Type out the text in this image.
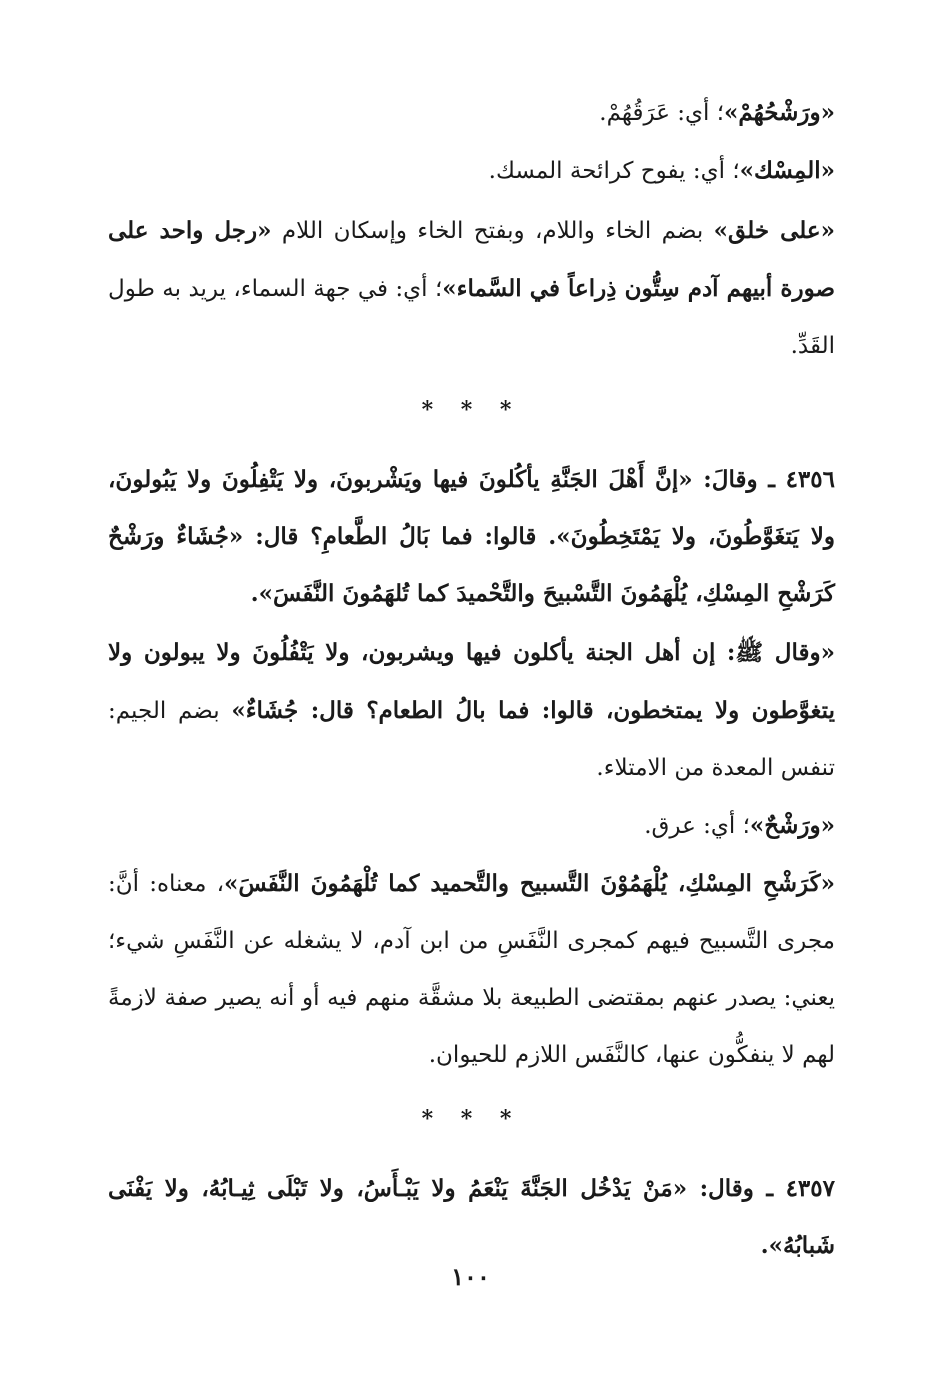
«ورَشْحُهُمْ»؛ أي: عَرَقُهُمْ.

«المِسْك»؛ أي: يفوح كرائحة المسك.

«على خلق» بضم الخاء واللام، وبفتح الخاء وإسكان اللام «رجل واحد على صورة أبيهم آدم سِتُّون ذِراعاً في السَّماء»؛ أي: في جهة السماء، يريد به طول القَدِّ.

* * *

٤٣٥٦ ـ وقالَ: «إنَّ أَهْلَ الجَنَّةِ يأكُلونَ فيها ويَشْربونَ، ولا يَتْفِلُونَ ولا يَبُولونَ، ولا يَتغَوَّطُونَ، ولا يَمْتَخِطُونَ». قالوا: فما بَالُ الطَّعامِ؟ قال: «جُشَاءٌ ورَشْحٌ كَرَشْحِ المِسْكِ، يُلْهَمُونَ التَّسْبيحَ والتَّحْميدَ كما تُلهَمُونَ النَّفَسَ».

«وقال ﷺ: إن أهل الجنة يأكلون فيها ويشربون، ولا يَتْفُلُونَ ولا يبولون ولا يتغوَّطون ولا يمتخطون، قالوا: فما بالُ الطعام؟ قال: جُشَاءٌ» بضم الجيم: تنفس المعدة من الامتلاء.

«ورَشْحٌ»؛ أي: عرق.

«كَرَشْحِ المِسْكِ، يُلْهَمُوْنَ التَّسبيح والتَّحميد كما تُلْهَمُونَ النَّفَسَ»، معناه: أنَّ: مجرى التَّسبيح فيهم كمجرى النَّفَسِ من ابن آدم، لا يشغله عن النَّفَسِ شيء؛ يعني: يصدر عنهم بمقتضى الطبيعة بلا مشقَّة منهم فيه أو أنه يصير صفة لازمةً لهم لا ينفكُّون عنها، كالنَّفَس اللازم للحيوان.

* * *

٤٣٥٧ ـ وقال: «مَنْ يَدْخُل الجَنَّةَ يَنْعَمُ ولا يَبْـأَسُ، ولا تَبْلَى ثِيـابُهُ، ولا يَفْنَى شَبابُهُ».

١٠٠
